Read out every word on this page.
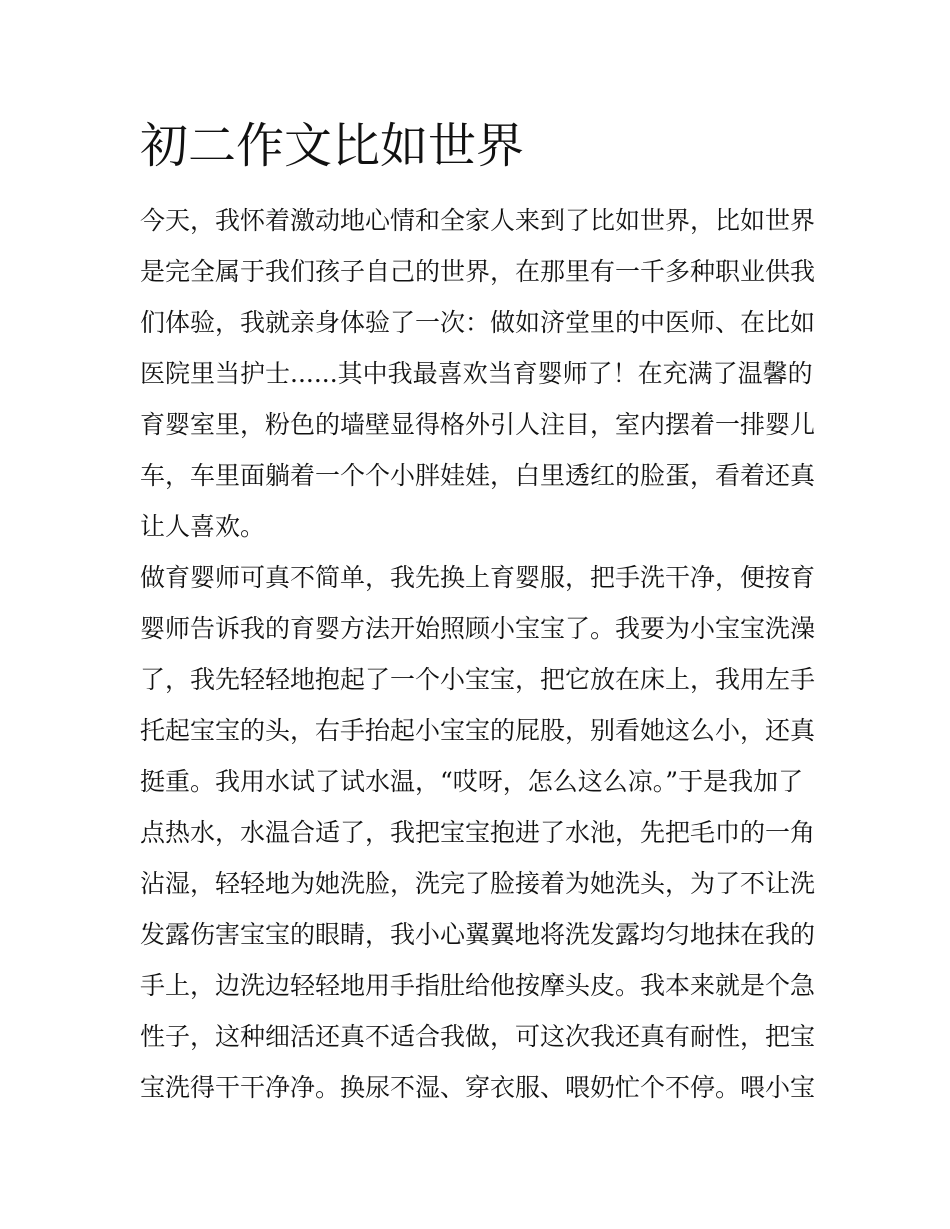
初二作文比如世界

今天，我怀着激动地心情和全家人来到了比如世界，比如世界

是完全属于我们孩子自己的世界，在那里有一千多种职业供我

们体验，我就亲身体验了一次：做如济堂里的中医师、在比如

医院里当护士......其中我最喜欢当育婴师了！在充满了温馨的

育婴室里，粉色的墙壁显得格外引人注目，室内摆着一排婴儿

车，车里面躺着一个个小胖娃娃，白里透红的脸蛋，看着还真

让人喜欢。

做育婴师可真不简单，我先换上育婴服，把手洗干净，便按育

婴师告诉我的育婴方法开始照顾小宝宝了。我要为小宝宝洗澡

了，我先轻轻地抱起了一个小宝宝，把它放在床上，我用左手

托起宝宝的头，右手抬起小宝宝的屁股，别看她这么小，还真

挺重。我用水试了试水温，“哎呀，怎么这么凉。”于是我加了

点热水，水温合适了，我把宝宝抱进了水池，先把毛巾的一角

沾湿，轻轻地为她洗脸，洗完了脸接着为她洗头，为了不让洗

发露伤害宝宝的眼睛，我小心翼翼地将洗发露均匀地抹在我的

手上，边洗边轻轻地用手指肚给他按摩头皮。我本来就是个急

性子，这种细活还真不适合我做，可这次我还真有耐性，把宝

宝洗得干干净净。换尿不湿、穿衣服、喂奶忙个不停。喂小宝
